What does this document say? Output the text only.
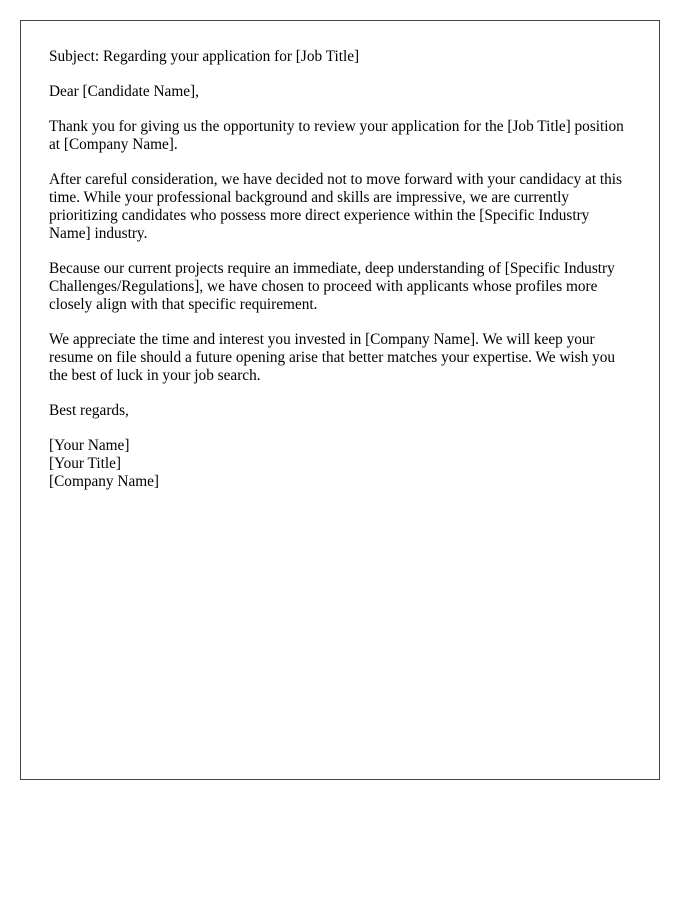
Subject: Regarding your application for [Job Title]

Dear [Candidate Name],

Thank you for giving us the opportunity to review your application for the [Job Title] position at [Company Name].

After careful consideration, we have decided not to move forward with your candidacy at this time. While your professional background and skills are impressive, we are currently prioritizing candidates who possess more direct experience within the [Specific Industry Name] industry.

Because our current projects require an immediate, deep understanding of [Specific Industry Challenges/Regulations], we have chosen to proceed with applicants whose profiles more closely align with that specific requirement.

We appreciate the time and interest you invested in [Company Name]. We will keep your resume on file should a future opening arise that better matches your expertise. We wish you the best of luck in your job search.

Best regards,

[Your Name]
[Your Title]
[Company Name]
